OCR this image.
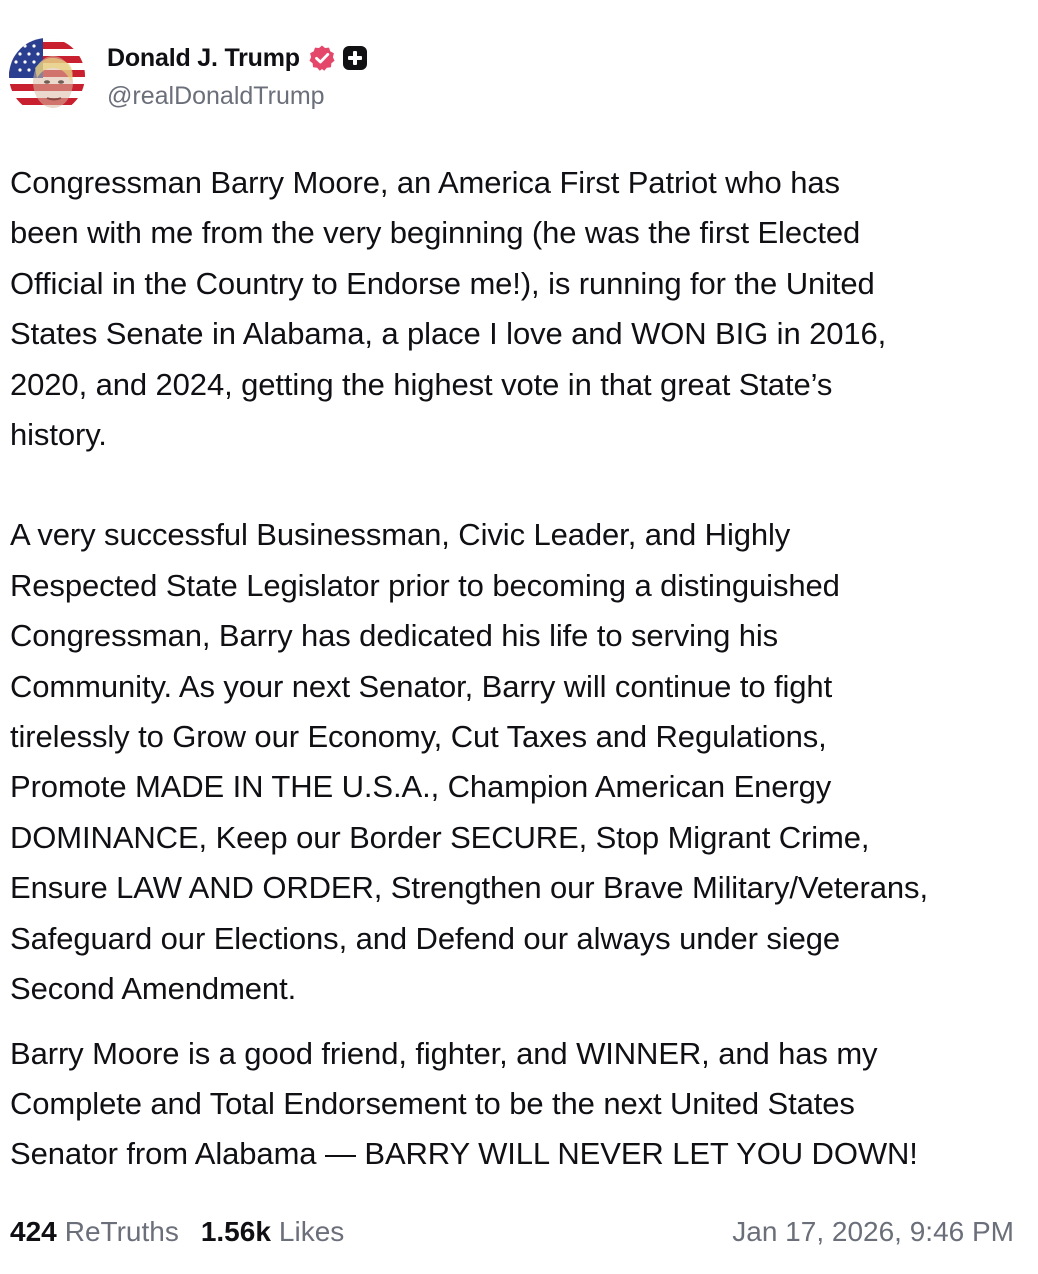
Donald J. Trump
@realDonaldTrump

Congressman Barry Moore, an America First Patriot who has
been with me from the very beginning (he was the first Elected
Official in the Country to Endorse me!), is running for the United
States Senate in Alabama, a place I love and WON BIG in 2016,
2020, and 2024, getting the highest vote in that great State’s
history.

A very successful Businessman, Civic Leader, and Highly
Respected State Legislator prior to becoming a distinguished
Congressman, Barry has dedicated his life to serving his
Community. As your next Senator, Barry will continue to fight
tirelessly to Grow our Economy, Cut Taxes and Regulations,
Promote MADE IN THE U.S.A., Champion American Energy
DOMINANCE, Keep our Border SECURE, Stop Migrant Crime,
Ensure LAW AND ORDER, Strengthen our Brave Military/Veterans,
Safeguard our Elections, and Defend our always under siege
Second Amendment.

Barry Moore is a good friend, fighter, and WINNER, and has my
Complete and Total Endorsement to be the next United States
Senator from Alabama — BARRY WILL NEVER LET YOU DOWN!

424 ReTruths 1.56k Likes	Jan 17, 2026, 9:46 PM
